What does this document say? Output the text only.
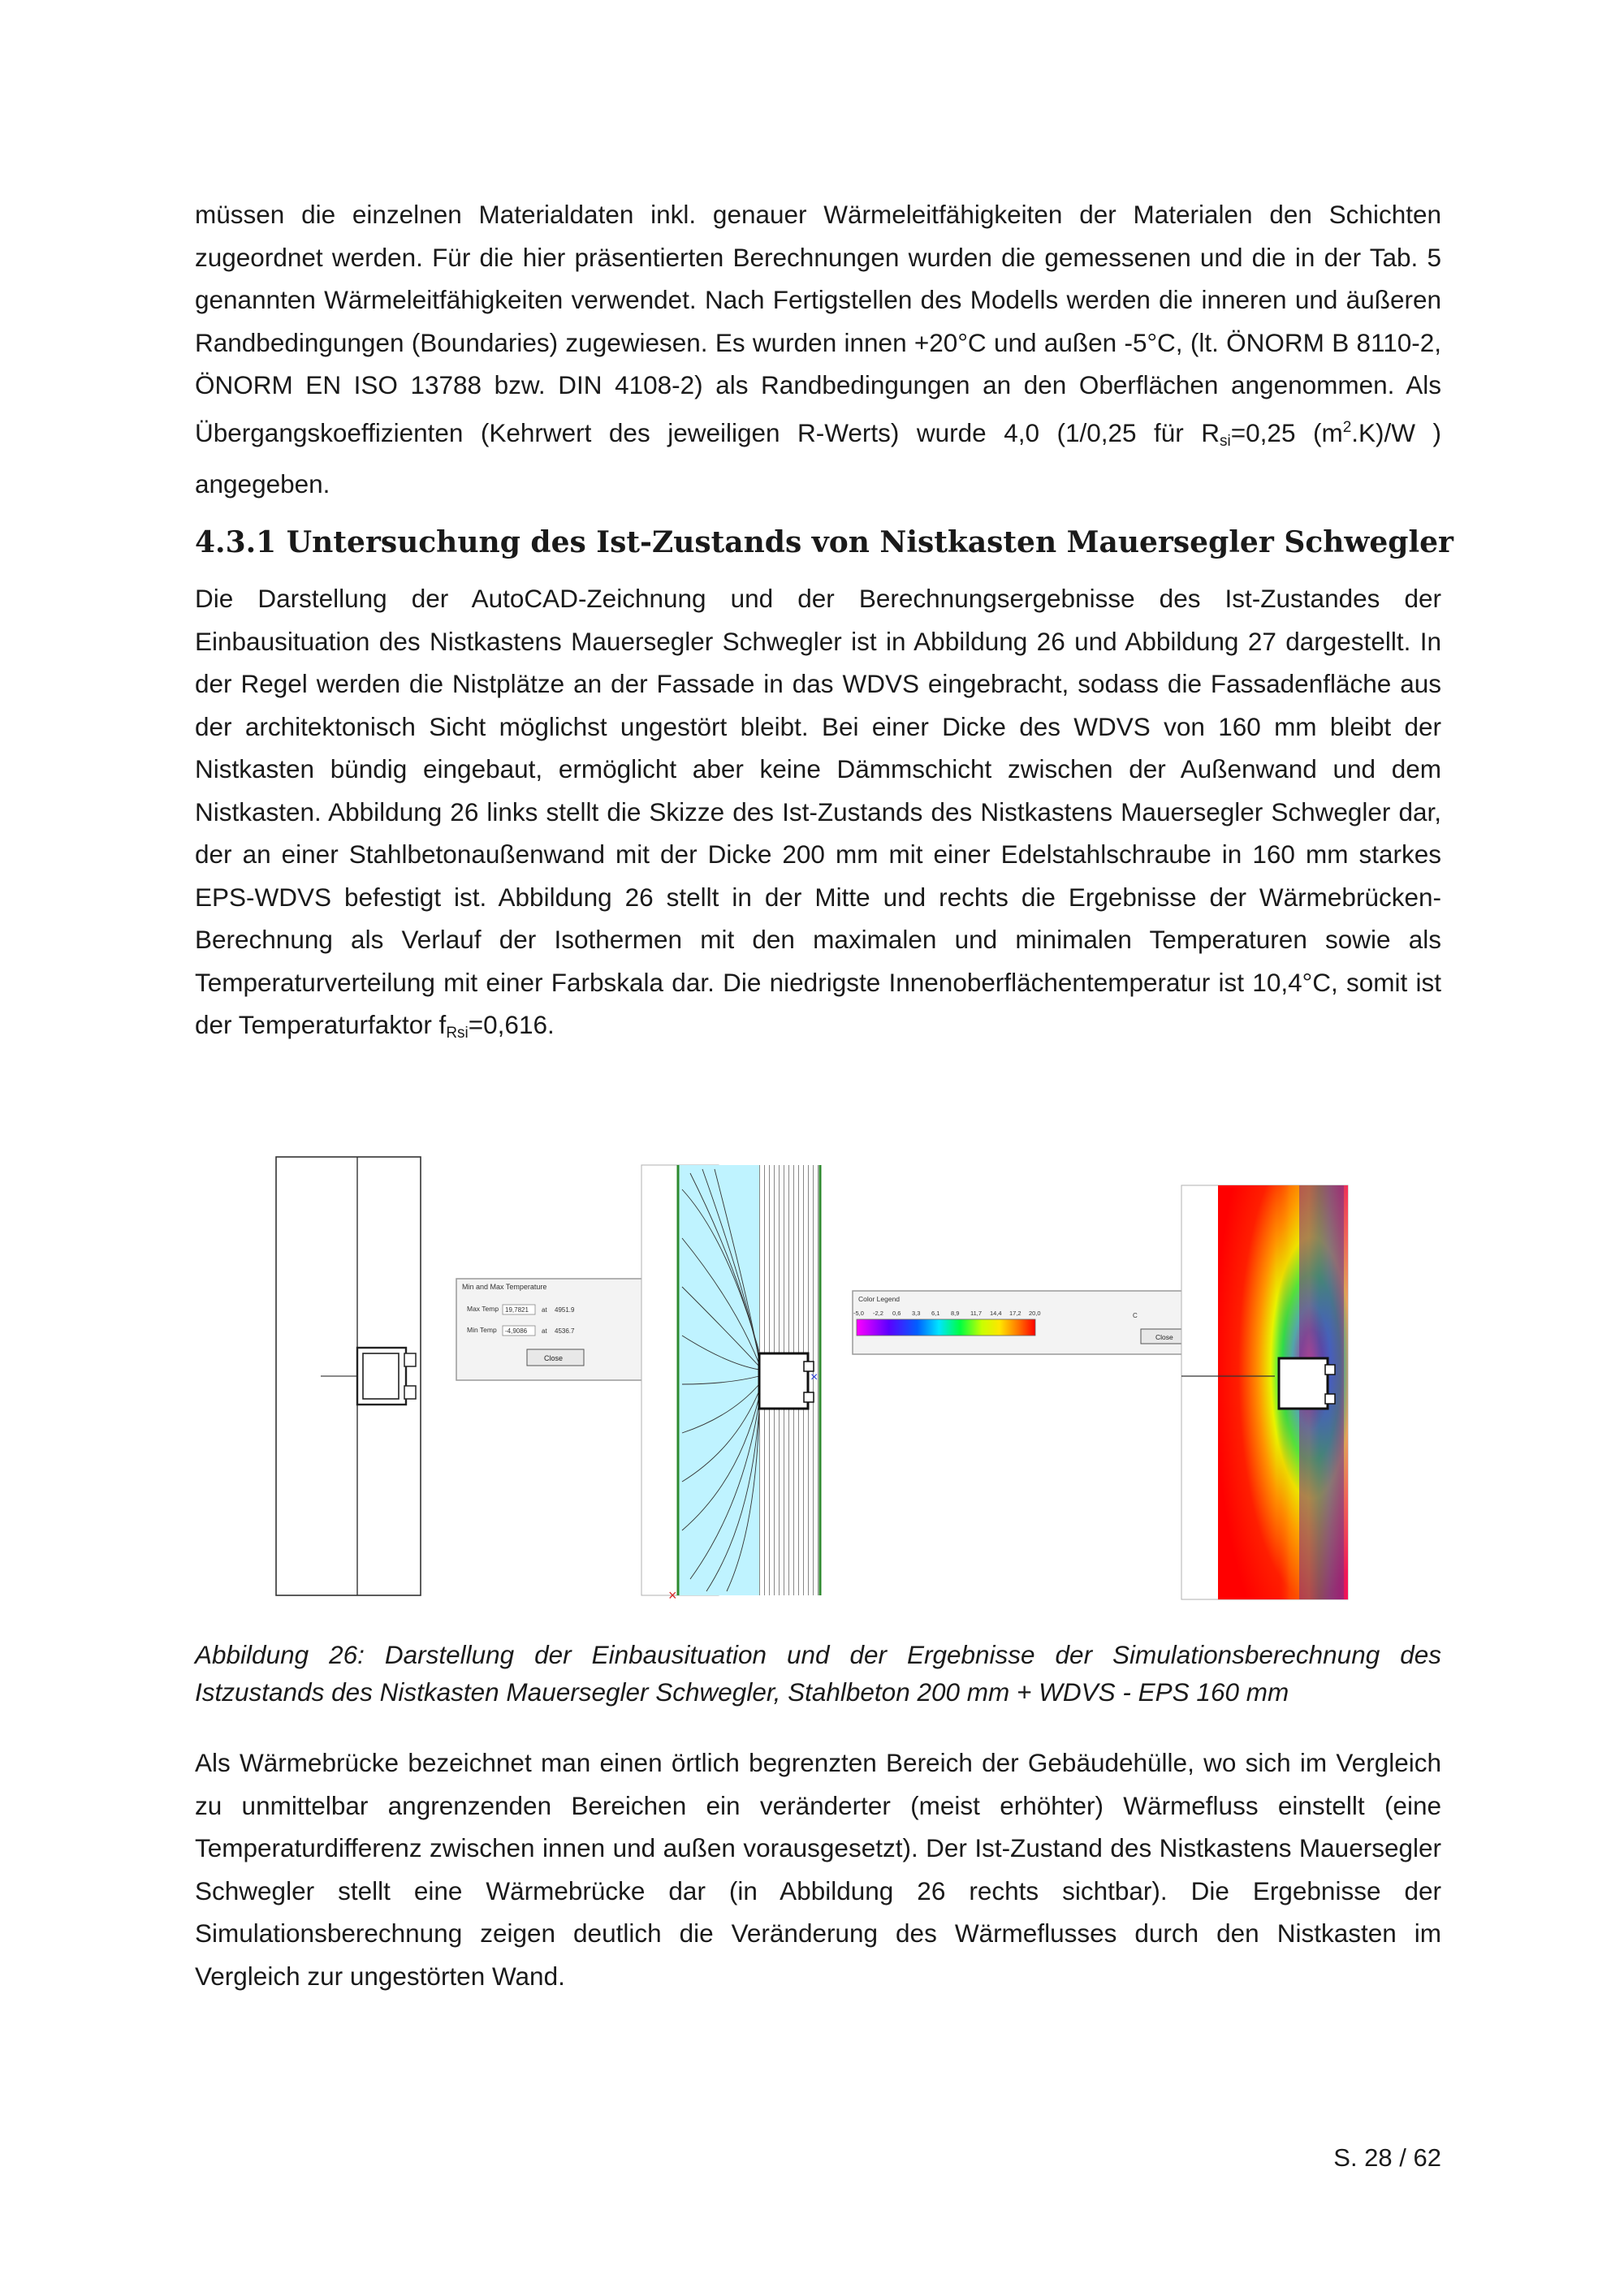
müssen die einzelnen Materialdaten inkl. genauer Wärmeleitfähigkeiten der Materialen den Schichten zugeordnet werden. Für die hier präsentierten Berechnungen wurden die gemessenen und die in der Tab. 5 genannten Wärmeleitfähigkeiten verwendet. Nach Fertigstellen des Modells werden die inneren und äußeren Randbedingungen (Boundaries) zugewiesen. Es wurden innen +20°C und außen -5°C, (lt. ÖNORM B 8110-2, ÖNORM EN ISO 13788 bzw. DIN 4108-2) als Randbedingungen an den Oberflächen angenommen. Als Übergangskoeffizienten (Kehrwert des jeweiligen R-Werts) wurde 4,0 (1/0,25 für $R_{si}=0,25$ $(m^2.K)/W$ ) angegeben.

4.3.1 Untersuchung des Ist-Zustands von Nistkasten Mauersegler Schwegler

Die Darstellung der AutoCAD-Zeichnung und der Berechnungsergebnisse des Ist-Zustandes der Einbausituation des Nistkastens Mauersegler Schwegler ist in Abbildung 26 und Abbildung 27 dargestellt. In der Regel werden die Nistplätze an der Fassade in das WDVS eingebracht, sodass die Fassadenfläche aus der architektonisch Sicht möglichst ungestört bleibt. Bei einer Dicke des WDVS von 160 mm bleibt der Nistkasten bündig eingebaut, ermöglicht aber keine Dämmschicht zwischen der Außenwand und dem Nistkasten. Abbildung 26 links stellt die Skizze des Ist-Zustands des Nistkastens Mauersegler Schwegler dar, der an einer Stahlbetonaußenwand mit der Dicke 200 mm mit einer Edelstahlschraube in 160 mm starkes EPS-WDVS befestigt ist. Abbildung 26 stellt in der Mitte und rechts die Ergebnisse der Wärmebrücken-Berechnung als Verlauf der Isothermen mit den maximalen und minimalen Temperaturen sowie als Temperaturverteilung mit einer Farbskala dar. Die niedrigste Innenoberflächentemperatur ist 10,4°C, somit ist der Temperaturfaktor $f_{Rsi}=0,616$.

Min and Max Temperature
Max Temp 19,7821 at 4951.9
Min Temp -4,9086 at 4536.7
Close
×
×
Color Legend
-5,0 -2,2 0,6 3,3 6,1 8,9 11,7 14,4 17,2 20,0	C
Close

Abbildung 26: Darstellung der Einbausituation und der Ergebnisse der Simulationsberechnung des Istzustands des Nistkasten Mauersegler Schwegler, Stahlbeton 200 mm + WDVS - EPS 160 mm

Als Wärmebrücke bezeichnet man einen örtlich begrenzten Bereich der Gebäudehülle, wo sich im Vergleich zu unmittelbar angrenzenden Bereichen ein veränderter (meist erhöhter) Wärmefluss einstellt (eine Temperaturdifferenz zwischen innen und außen vorausgesetzt). Der Ist-Zustand des Nistkastens Mauersegler Schwegler stellt eine Wärmebrücke dar (in Abbildung 26 rechts sichtbar). Die Ergebnisse der Simulationsberechnung zeigen deutlich die Veränderung des Wärmeflusses durch den Nistkasten im Vergleich zur ungestörten Wand.

S. 28 / 62
